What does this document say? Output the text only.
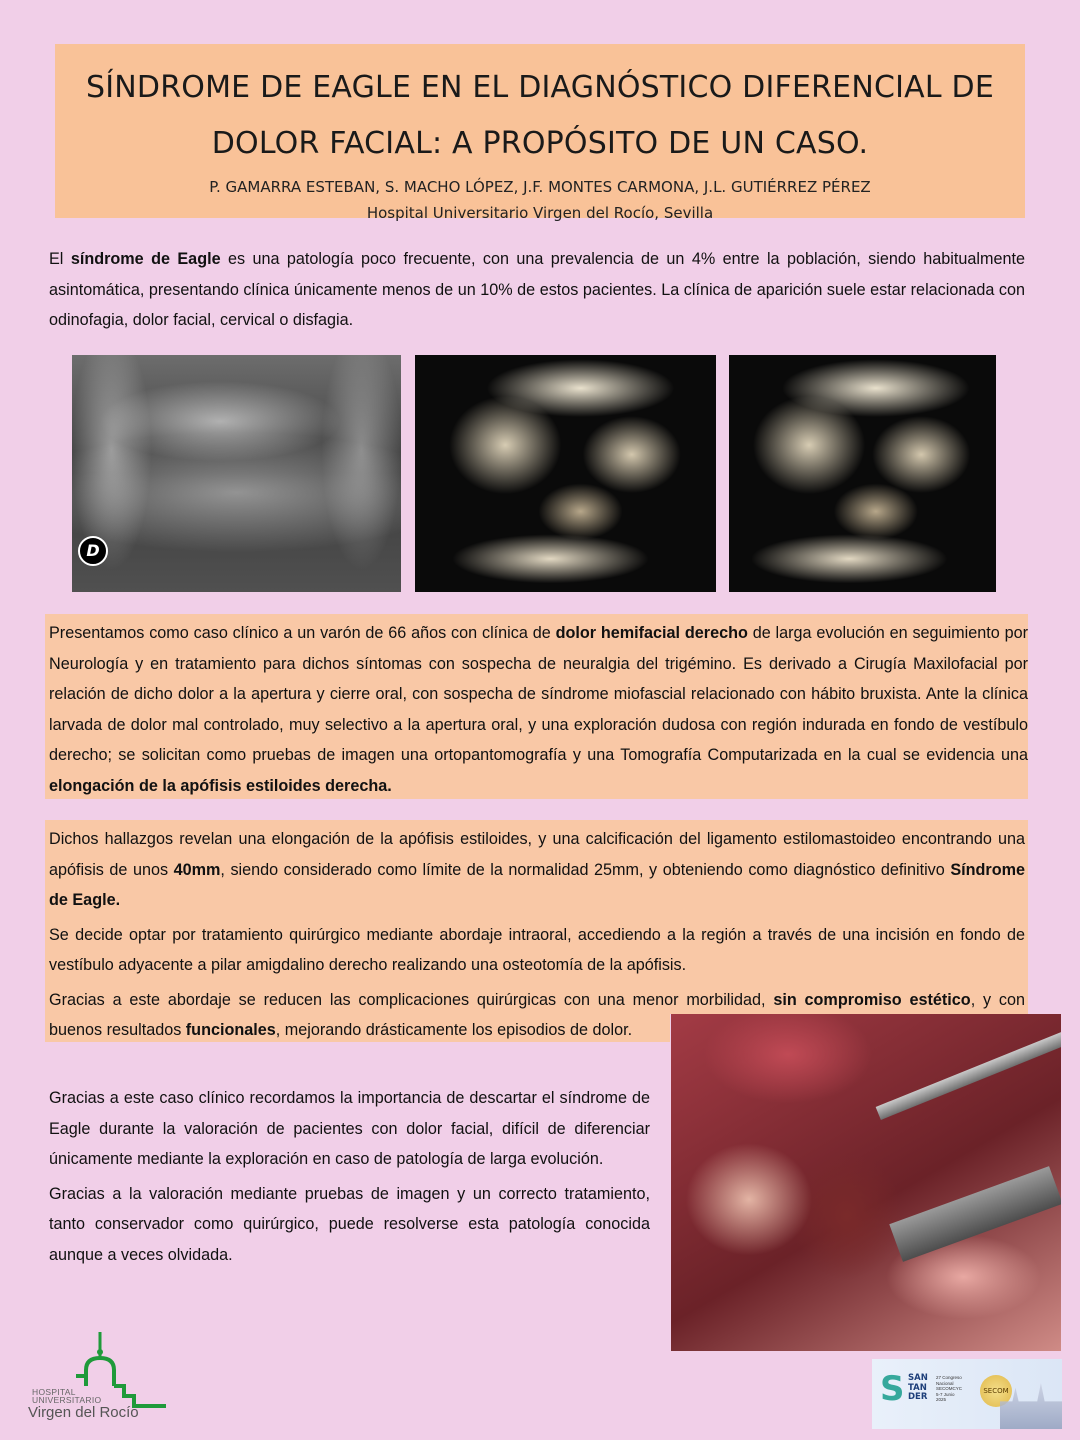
SÍNDROME DE EAGLE EN EL DIAGNÓSTICO DIFERENCIAL DE
DOLOR FACIAL: A PROPÓSITO DE UN CASO.
P. GAMARRA ESTEBAN, S. MACHO LÓPEZ, J.F. MONTES CARMONA, J.L. GUTIÉRREZ PÉREZ
Hospital Universitario Virgen del Rocío, Sevilla
El síndrome de Eagle es una patología poco frecuente, con una prevalencia de un 4% entre la población, siendo habitualmente asintomática, presentando clínica únicamente menos de un 10% de estos pacientes. La clínica de aparición suele estar relacionada con odinofagia, dolor facial, cervical o disfagia.
D
Presentamos como caso clínico a un varón de 66 años con clínica de dolor hemifacial derecho de larga evolución en seguimiento por Neurología y en tratamiento para dichos síntomas con sospecha de neuralgia del trigémino. Es derivado a Cirugía Maxilofacial por relación de dicho dolor a la apertura y cierre oral, con sospecha de síndrome miofascial relacionado con hábito bruxista. Ante la clínica larvada de dolor mal controlado, muy selectivo a la apertura oral, y una exploración dudosa con región indurada en fondo de vestíbulo derecho; se solicitan como pruebas de imagen una ortopantomografía y una Tomografía Computarizada en la cual se evidencia una elongación de la apófisis estiloides derecha.

Dichos hallazgos revelan una elongación de la apófisis estiloides, y una calcificación del ligamento estilomastoideo encontrando una apófisis de unos 40mm, siendo considerado como límite de la normalidad 25mm, y obteniendo como diagnóstico definitivo Síndrome de Eagle.

Se decide optar por tratamiento quirúrgico mediante abordaje intraoral, accediendo a la región a través de una incisión en fondo de vestíbulo adyacente a pilar amigdalino derecho realizando una osteotomía de la apófisis.

Gracias a este abordaje se reducen las complicaciones quirúrgicas con una menor morbilidad, sin compromiso estético, y con buenos resultados funcionales, mejorando drásticamente los episodios de dolor.

Gracias a este caso clínico recordamos la importancia de descartar el síndrome de Eagle durante la valoración de pacientes con dolor facial, difícil de diferenciar únicamente mediante la exploración en caso de patología de larga evolución.

Gracias a la valoración mediante pruebas de imagen y un correcto tratamiento, tanto conservador como quirúrgico, puede resolverse esta patología conocida aunque a veces olvidada.

HOSPITAL
UNIVERSITARIO
Virgen del Rocío
S SAN
TAN
DER
27 Congreso Nacional
SECOMCYC
5-7 Junio
2025
SECOM
